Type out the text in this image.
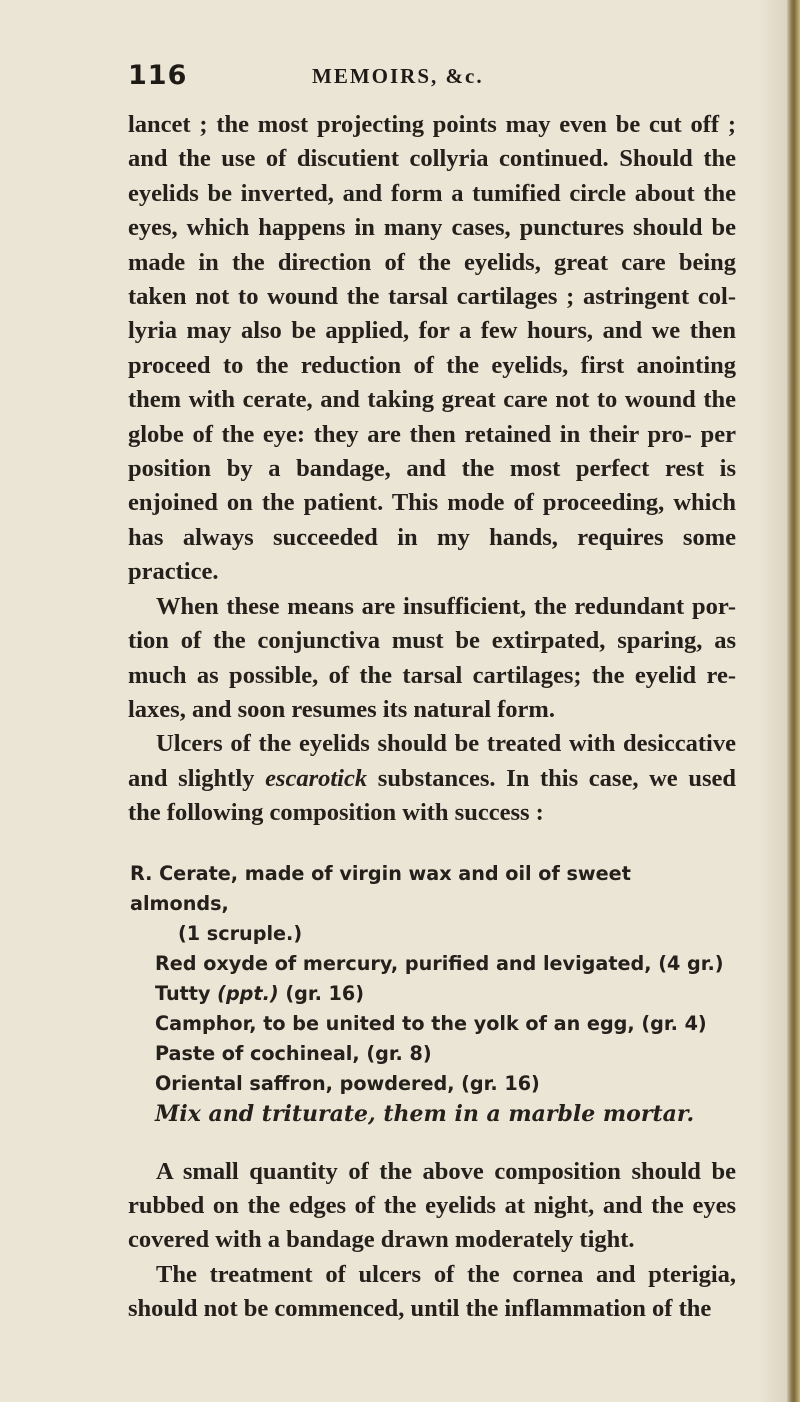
116	MEMOIRS, &c.

lancet ; the most projecting points may even be cut off ; and the use of discutient collyria continued. Should the eyelids be inverted, and form a tumified circle about the eyes, which happens in many cases, punctures should be made in the direction of the eyelids, great care being taken not to wound the tarsal cartilages ; astringent col- lyria may also be applied, for a few hours, and we then proceed to the reduction of the eyelids, first anointing them with cerate, and taking great care not to wound the globe of the eye: they are then retained in their pro- per position by a bandage, and the most perfect rest is enjoined on the patient. This mode of proceeding, which has always succeeded in my hands, requires some practice.

When these means are insufficient, the redundant por- tion of the conjunctiva must be extirpated, sparing, as much as possible, of the tarsal cartilages; the eyelid re- laxes, and soon resumes its natural form.

Ulcers of the eyelids should be treated with desiccative and slightly escarotick substances. In this case, we used the following composition with success :

R. Cerate, made of virgin wax and oil of sweet almonds,
(1 scruple.)
Red oxyde of mercury, purified and levigated, (4 gr.)
Tutty (ppt.) (gr. 16)
Camphor, to be united to the yolk of an egg, (gr. 4)
Paste of cochineal, (gr. 8)
Oriental saffron, powdered, (gr. 16)
Mix and triturate, them in a marble mortar.

A small quantity of the above composition should be rubbed on the edges of the eyelids at night, and the eyes covered with a bandage drawn moderately tight.

The treatment of ulcers of the cornea and pterigia, should not be commenced, until the inflammation of the
